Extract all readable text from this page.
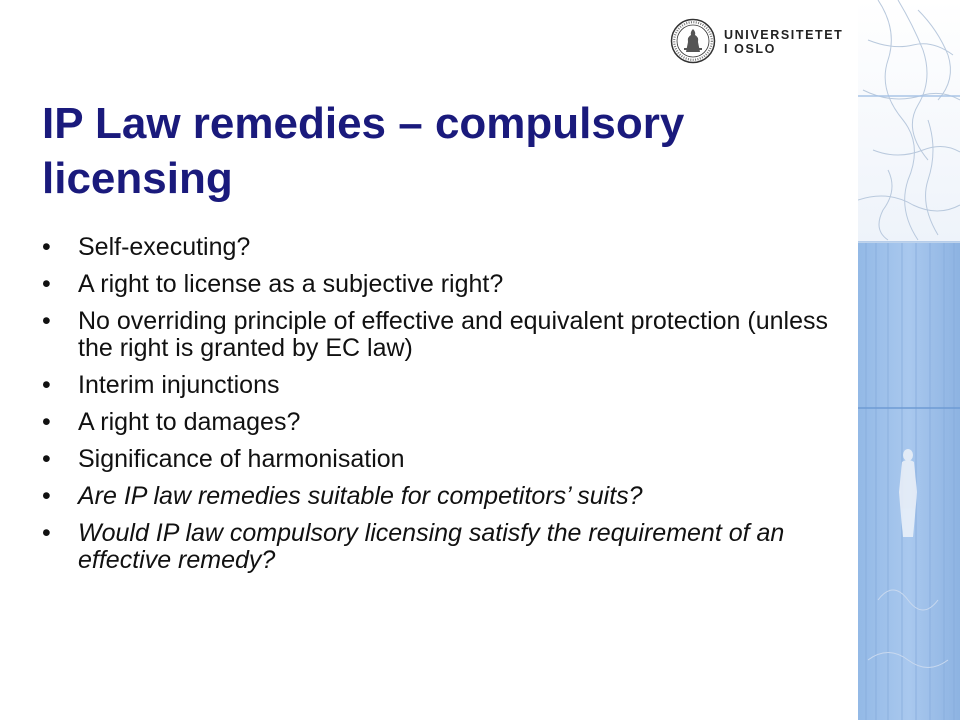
UNIVERSITETET
I OSLO
IP Law remedies – compulsory licensing
•	Self-executing?
•	A right to license as a subjective right?
•	No overriding principle of effective and equivalent protection (unless the right is granted by EC law)
•	Interim injunctions
•	A right to damages?
•	Significance of harmonisation
•	Are IP law remedies suitable for competitors’ suits?
•	Would IP law compulsory licensing satisfy the requirement of an effective remedy?
